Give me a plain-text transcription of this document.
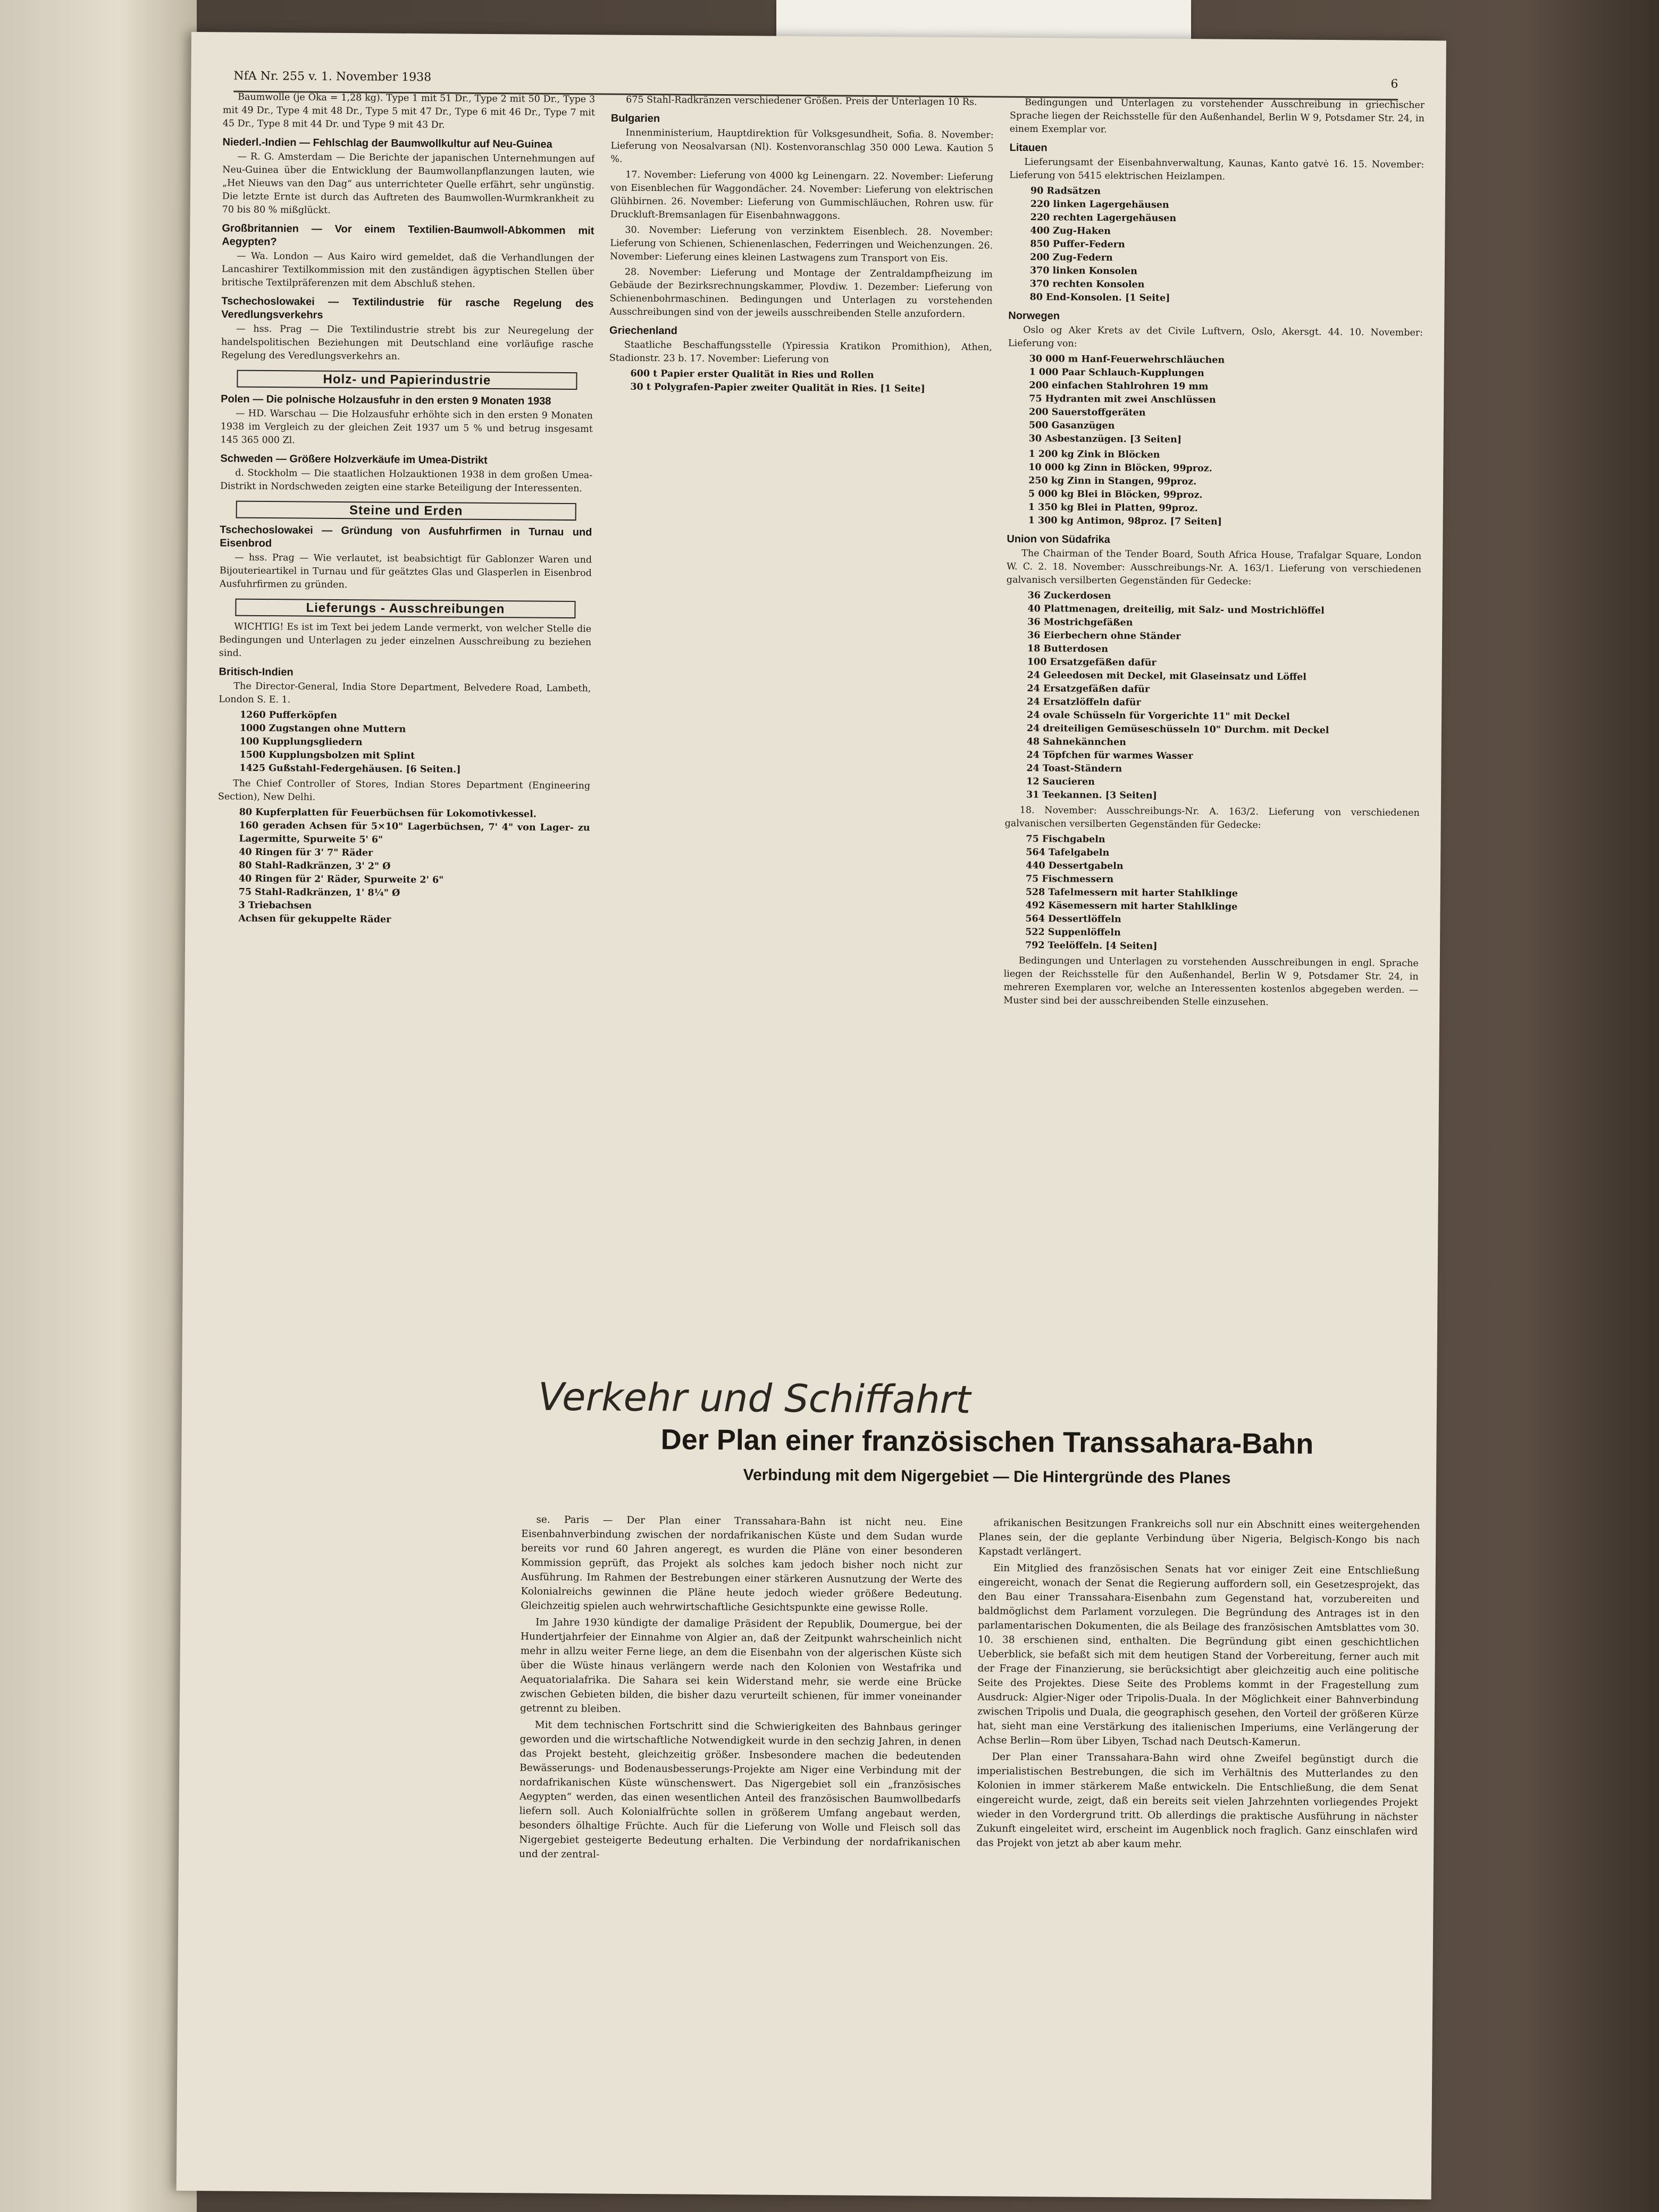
NfA Nr. 255 v. 1. November 1938
6

Baumwolle (je Oka = 1,28 kg). Type 1 mit 51 Dr., Type 2 mit 50 Dr., Type 3 mit 49 Dr., Type 4 mit 48 Dr., Type 5 mit 47 Dr., Type 6 mit 46 Dr., Type 7 mit 45 Dr., Type 8 mit 44 Dr. und Type 9 mit 43 Dr.

Niederl.-Indien — Fehlschlag der Baumwollkultur auf Neu-Guinea

— R. G. Amsterdam — Die Berichte der japanischen Unternehmungen auf Neu-Guinea über die Entwicklung der Baumwollanpflanzungen lauten, wie „Het Nieuws van den Dag“ aus unterrichteter Quelle erfährt, sehr ungünstig. Die letzte Ernte ist durch das Auftreten des Baumwollen-Wurmkrankheit zu 70 bis 80 % mißglückt.

Großbritannien — Vor einem Textilien-Baumwoll-Abkommen mit Aegypten?

— Wa. London — Aus Kairo wird gemeldet, daß die Verhandlungen der Lancashirer Textilkommission mit den zuständigen ägyptischen Stellen über britische Textilpräferenzen mit dem Abschluß stehen.

Tschechoslowakei — Textilindustrie für rasche Regelung des Veredlungsverkehrs

— hss. Prag — Die Textilindustrie strebt bis zur Neuregelung der handelspolitischen Beziehungen mit Deutschland eine vorläufige rasche Regelung des Veredlungsverkehrs an.

Holz- und Papierindustrie
Polen — Die polnische Holzausfuhr in den ersten 9 Monaten 1938

— HD. Warschau — Die Holzausfuhr erhöhte sich in den ersten 9 Monaten 1938 im Vergleich zu der gleichen Zeit 1937 um 5 % und betrug insgesamt 145 365 000 Zl.

Schweden — Größere Holzverkäufe im Umea-Distrikt

d. Stockholm — Die staatlichen Holzauktionen 1938 in dem großen Umea-Distrikt in Nordschweden zeigten eine starke Beteiligung der Interessenten.

Steine und Erden
Tschechoslowakei — Gründung von Ausfuhrfirmen in Turnau und Eisenbrod

— hss. Prag — Wie verlautet, ist beabsichtigt für Gablonzer Waren und Bijouterieartikel in Turnau und für geätztes Glas und Glasperlen in Eisenbrod Ausfuhrfirmen zu gründen.

Lieferungs - Ausschreibungen

WICHTIG! Es ist im Text bei jedem Lande vermerkt, von welcher Stelle die Bedingungen und Unterlagen zu jeder einzelnen Ausschreibung zu beziehen sind.

Britisch-Indien

The Director-General, India Store Department, Belvedere Road, Lambeth, London S. E. 1.

1260 Pufferköpfen
1000 Zugstangen ohne Muttern
100 Kupplungsgliedern
1500 Kupplungsbolzen mit Splint
1425 Gußstahl-Federgehäusen. [6 Seiten.]

The Chief Controller of Stores, Indian Stores Department (Engineering Section), New Delhi.

80 Kupferplatten für Feuerbüchsen für Lokomotivkessel.
160 geraden Achsen für 5×10" Lagerbüchsen, 7' 4" von Lager- zu Lagermitte, Spurweite 5' 6"
40 Ringen für 3' 7" Räder
80 Stahl-Radkränzen, 3' 2" Ø
40 Ringen für 2' Räder, Spurweite 2' 6"
75 Stahl-Radkränzen, 1' 8¼" Ø
3 Triebachsen
Achsen für gekuppelte Räder

675 Stahl-Radkränzen verschiedener Größen. Preis der Unterlagen 10 Rs.

Bulgarien

Innenministerium, Hauptdirektion für Volksgesundheit, Sofia. 8. November: Lieferung von Neosalvarsan (Nl). Kostenvoranschlag 350 000 Lewa. Kaution 5 %.

17. November: Lieferung von 4000 kg Leinengarn. 22. November: Lieferung von Eisenblechen für Waggondächer. 24. November: Lieferung von elektrischen Glühbirnen. 26. November: Lieferung von Gummischläuchen, Rohren usw. für Druckluft-Bremsanlagen für Eisenbahnwaggons.

30. November: Lieferung von verzinktem Eisenblech. 28. November: Lieferung von Schienen, Schienenlaschen, Federringen und Weichenzungen. 26. November: Lieferung eines kleinen Lastwagens zum Transport von Eis.

28. November: Lieferung und Montage der Zentraldampfheizung im Gebäude der Bezirksrechnungskammer, Plovdiw. 1. Dezember: Lieferung von Schienenbohrmaschinen. Bedingungen und Unterlagen zu vorstehenden Ausschreibungen sind von der jeweils ausschreibenden Stelle anzufordern.

Griechenland

Staatliche Beschaffungsstelle (Ypiressia Kratikon Promithion), Athen, Stadionstr. 23 b. 17. November: Lieferung von

600 t Papier erster Qualität in Ries und Rollen
30 t Polygrafen-Papier zweiter Qualität in Ries. [1 Seite]

Bedingungen und Unterlagen zu vorstehender Ausschreibung in griechischer Sprache liegen der Reichsstelle für den Außenhandel, Berlin W 9, Potsdamer Str. 24, in einem Exemplar vor.

Litauen

Lieferungsamt der Eisenbahnverwaltung, Kaunas, Kanto gatvė 16. 15. November: Lieferung von 5415 elektrischen Heizlampen.

90 Radsätzen
220 linken Lagergehäusen
220 rechten Lagergehäusen
400 Zug-Haken
850 Puffer-Federn
200 Zug-Federn
370 linken Konsolen
370 rechten Konsolen
80 End-Konsolen. [1 Seite]
Norwegen

Oslo og Aker Krets av det Civile Luftvern, Oslo, Akersgt. 44. 10. November: Lieferung von:

30 000 m Hanf-Feuerwehrschläuchen
1 000 Paar Schlauch-Kupplungen
200 einfachen Stahlrohren 19 mm
75 Hydranten mit zwei Anschlüssen
200 Sauerstoffgeräten
500 Gasanzügen
30 Asbestanzügen. [3 Seiten]
1 200 kg Zink in Blöcken
10 000 kg Zinn in Blöcken, 99prоz.
250 kg Zinn in Stangen, 99proz.
5 000 kg Blei in Blöcken, 99proz.
1 350 kg Blei in Platten, 99proz.
1 300 kg Antimon, 98proz. [7 Seiten]
Union von Südafrika

The Chairman of the Tender Board, South Africa House, Trafalgar Square, London W. C. 2. 18. November: Ausschreibungs-Nr. A. 163/1. Lieferung von verschiedenen galvanisch versilberten Gegenständen für Gedecke:

36 Zuckerdosen
40 Plattmenagen, dreiteilig, mit Salz- und Mostrichlöffel
36 Mostrichgefäßen
36 Eierbechern ohne Ständer
18 Butterdosen
100 Ersatzgefäßen dafür
24 Geleedosen mit Deckel, mit Glaseinsatz und Löffel
24 Ersatzgefäßen dafür
24 Ersatzlöffeln dafür
24 ovale Schüsseln für Vorgerichte 11" mit Deckel
24 dreiteiligen Gemüseschüsseln 10" Durchm. mit Deckel
48 Sahnekännchen
24 Töpfchen für warmes Wasser
24 Toast-Ständern
12 Saucieren
31 Teekannen. [3 Seiten]

18. November: Ausschreibungs-Nr. A. 163/2. Lieferung von verschiedenen galvanischen versilberten Gegenständen für Gedecke:

75 Fischgabeln
564 Tafelgabeln
440 Dessertgabeln
75 Fischmessern
528 Tafelmessern mit harter Stahlklinge
492 Käsemessern mit harter Stahlklinge
564 Dessertlöffeln
522 Suppenlöffeln
792 Teelöffeln. [4 Seiten]

Bedingungen und Unterlagen zu vorstehenden Ausschreibungen in engl. Sprache liegen der Reichsstelle für den Außenhandel, Berlin W 9, Potsdamer Str. 24, in mehreren Exemplaren vor, welche an Interessenten kostenlos abgegeben werden. — Muster sind bei der ausschreibenden Stelle einzusehen.

Verkehr und Schiffahrt
Der Plan einer französischen Transsahara-Bahn
Verbindung mit dem Nigergebiet — Die Hintergründe des Planes

se. Paris — Der Plan einer Transsahara-Bahn ist nicht neu. Eine Eisenbahnverbindung zwischen der nordafrikanischen Küste und dem Sudan wurde bereits vor rund 60 Jahren angeregt, es wurden die Pläne von einer besonderen Kommission geprüft, das Projekt als solches kam jedoch bisher noch nicht zur Ausführung. Im Rahmen der Bestrebungen einer stärkeren Ausnutzung der Werte des Kolonialreichs gewinnen die Pläne heute jedoch wieder größere Bedeutung. Gleichzeitig spielen auch wehrwirtschaftliche Gesichtspunkte eine gewisse Rolle.

Im Jahre 1930 kündigte der damalige Präsident der Republik, Doumergue, bei der Hundertjahrfeier der Einnahme von Algier an, daß der Zeitpunkt wahrscheinlich nicht mehr in allzu weiter Ferne liege, an dem die Eisenbahn von der algerischen Küste sich über die Wüste hinaus verlängern werde nach den Kolonien von Westafrika und Aequatorialafrika. Die Sahara sei kein Widerstand mehr, sie werde eine Brücke zwischen Gebieten bilden, die bisher dazu verurteilt schienen, für immer voneinander getrennt zu bleiben.

Mit dem technischen Fortschritt sind die Schwierigkeiten des Bahnbaus geringer geworden und die wirtschaftliche Notwendigkeit wurde in den sechzig Jahren, in denen das Projekt besteht, gleichzeitig größer. Insbesondere machen die bedeutenden Bewässerungs- und Bodenausbesserungs-Projekte am Niger eine Verbindung mit der nordafrikanischen Küste wünschenswert. Das Nigergebiet soll ein „französisches Aegypten“ werden, das einen wesentlichen Anteil des französischen Baumwollbedarfs liefern soll. Auch Kolonialfrüchte sollen in größerem Umfang angebaut werden, besonders ölhaltige Früchte. Auch für die Lieferung von Wolle und Fleisch soll das Nigergebiet gesteigerte Bedeutung erhalten. Die Verbindung der nordafrikanischen und der zentral-

afrikanischen Besitzungen Frankreichs soll nur ein Abschnitt eines weitergehenden Planes sein, der die geplante Verbindung über Nigeria, Belgisch-Kongo bis nach Kapstadt verlängert.

Ein Mitglied des französischen Senats hat vor einiger Zeit eine Entschließung eingereicht, wonach der Senat die Regierung auffordern soll, ein Gesetzesprojekt, das den Bau einer Transsahara-Eisenbahn zum Gegenstand hat, vorzubereiten und baldmöglichst dem Parlament vorzulegen. Die Begründung des Antrages ist in den parlamentarischen Dokumenten, die als Beilage des französischen Amtsblattes vom 30. 10. 38 erschienen sind, enthalten. Die Begründung gibt einen geschichtlichen Ueberblick, sie befaßt sich mit dem heutigen Stand der Vorbereitung, ferner auch mit der Frage der Finanzierung, sie berücksichtigt aber gleichzeitig auch eine politische Seite des Projektes. Diese Seite des Problems kommt in der Fragestellung zum Ausdruck: Algier-Niger oder Tripolis-Duala. In der Möglichkeit einer Bahnverbindung zwischen Tripolis und Duala, die geographisch gesehen, den Vorteil der größeren Kürze hat, sieht man eine Verstärkung des italienischen Imperiums, eine Verlängerung der Achse Berlin—Rom über Libyen, Tschad nach Deutsch-Kamerun.

Der Plan einer Transsahara-Bahn wird ohne Zweifel begünstigt durch die imperialistischen Bestrebungen, die sich im Verhältnis des Mutterlandes zu den Kolonien in immer stärkerem Maße entwickeln. Die Entschließung, die dem Senat eingereicht wurde, zeigt, daß ein bereits seit vielen Jahrzehnten vorliegendes Projekt wieder in den Vordergrund tritt. Ob allerdings die praktische Ausführung in nächster Zukunft eingeleitet wird, erscheint im Augenblick noch fraglich. Ganz einschlafen wird das Projekt von jetzt ab aber kaum mehr.
